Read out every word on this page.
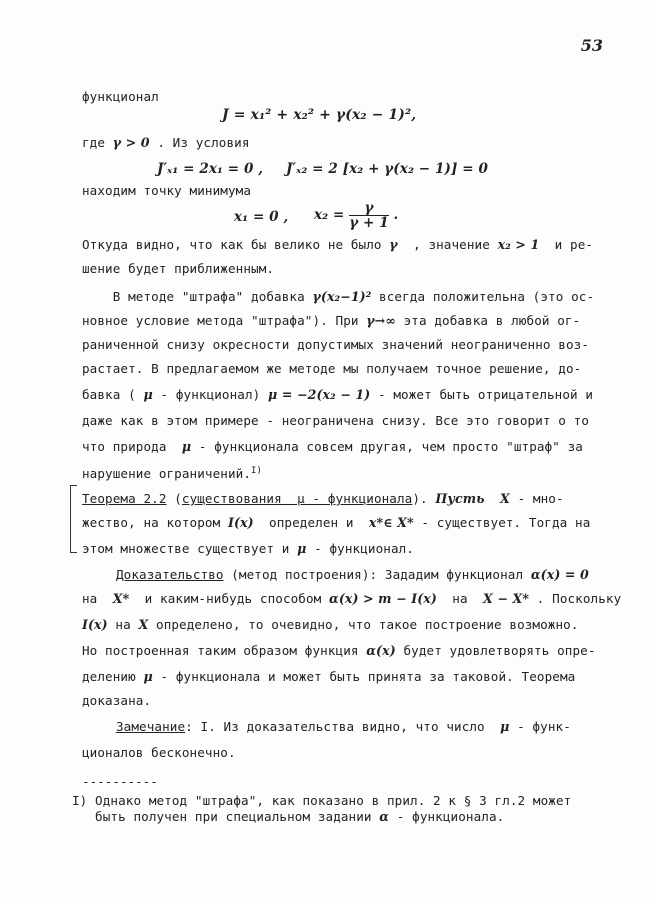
53
функционал
J = x₁² + x₂² + γ(x₂ − 1)²,
где γ > 0 . Из условия
J′ₓ₁ = 2x₁ = 0 , J′ₓ₂ = 2 [x₂ + γ(x₂ − 1)] = 0
находим точку минимума
x₁ = 0 , $x_2 = \frac{\gamma}{\gamma + 1}$ .
Откуда видно, что как бы велико не было γ  , значение x₂ > 1  и ре-
шение будет приближенным.
В методе "штрафа" добавка γ(x₂−1)² всегда положительна (это ос-
новное условие метода "штрафа"). При γ→∞ эта добавка в любой ог-
раниченной снизу окресности допустимых значений неограниченно воз-
растает. В предлагаемом же методе мы получаем точное решение, до-
бавка ( μ - функционал) μ = −2(x₂ − 1) - может быть отрицательной и
даже как в этом примере - неограничена снизу. Все это говорит о то
что природа  μ - функционала совсем другая, чем просто "штраф" за
нарушение ограничений.$^{I)}$
Теорема 2.2 (существования  μ - функционала). Пусть X - мно-
жество, на котором I(x)  определен и  x*∈ X* - существует. Тогда на
этом множестве существует и μ - функционал.
Доказательство (метод построения): Зададим функционал α(x) = 0
на  X*  и каким-нибудь способом α(x) > m − I(x)  на  X − X* . Поскольку
I(x) на X определено, то очевидно, что такое построение возможно.
Но построенная таким образом функция α(x) будет удовлетворять опре-
делению μ - функционала и может быть принята за таковой. Теорема
доказана.
Замечание: I. Из доказательства видно, что число  μ - функ-
ционалов бесконечно.
----------
I) Однако метод "штрафа", как показано в прил. 2 к § 3 гл.2 может
быть получен при специальном задании α - функционала.
